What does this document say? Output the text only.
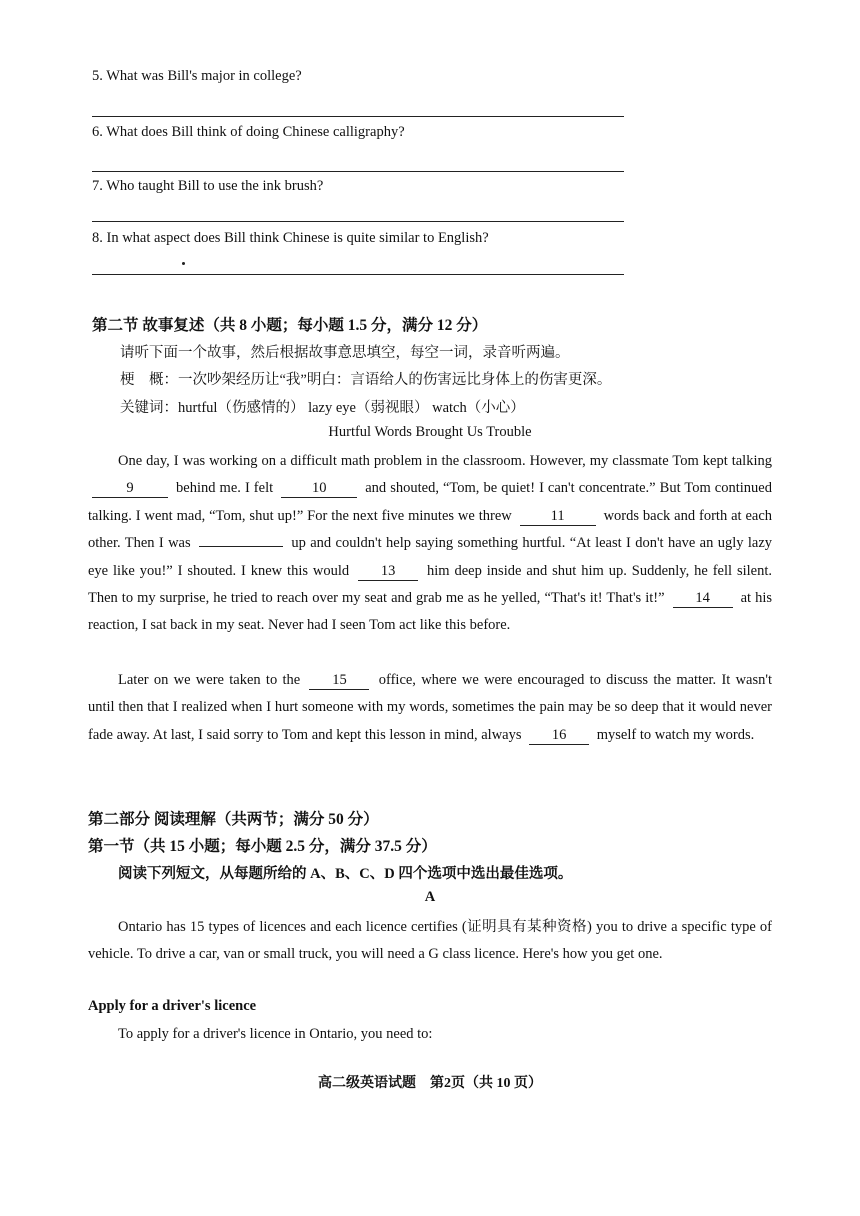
5. What was Bill's major in college?
6. What does Bill think of doing Chinese calligraphy?
7. Who taught Bill to use the ink brush?
8. In what aspect does Bill think Chinese is quite similar to English?
第二节 故事复述（共 8 小题；每小题 1.5 分，满分 12 分）
请听下面一个故事，然后根据故事意思填空，每空一词，录音听两遍。
梗　概：一次吵架经历让“我”明白：言语给人的伤害远比身体上的伤害更深。
关键词：hurtful（伤感情的） lazy eye（弱视眼） watch（小心）
Hurtful Words Brought Us Trouble

One day, I was working on a difficult math problem in the classroom. However, my classmate Tom kept talking 9	behind me. I felt	10	and shouted, “Tom, be quiet! I can't concentrate.” But Tom continued talking. I went mad, “Tom, shut up!” For the next five minutes we threw	11	words back and forth at each other. Then I was	up and couldn't help saying something hurtful. “At least I don't have an ugly lazy eye like you!” I shouted. I knew this would 13 him deep inside and shut him up. Suddenly, he fell silent. Then to my surprise, he tried to reach over my seat and grab me as he yelled, “That's it! That's it!” 14 at his reaction, I sat back in my seat. Never had I seen Tom act like this before.

Later on we were taken to the 15 office, where we were encouraged to discuss the matter. It wasn't until then that I realized when I hurt someone with my words, sometimes the pain may be so deep that it would never fade away. At last, I said sorry to Tom and kept this lesson in mind, always 16 myself to watch my words.

第二部分 阅读理解（共两节；满分 50 分）
第一节（共 15 小题；每小题 2.5 分，满分 37.5 分）
阅读下列短文，从每题所给的 A、B、C、D 四个选项中选出最佳选项。
A

Ontario has 15 types of licences and each licence certifies (证明具有某种资格) you to drive a specific type of vehicle. To drive a car, van or small truck, you will need a G class licence. Here's how you get one.

Apply for a driver's licence
To apply for a driver's licence in Ontario, you need to:
高二级英语试题　第2页（共 10 页）
